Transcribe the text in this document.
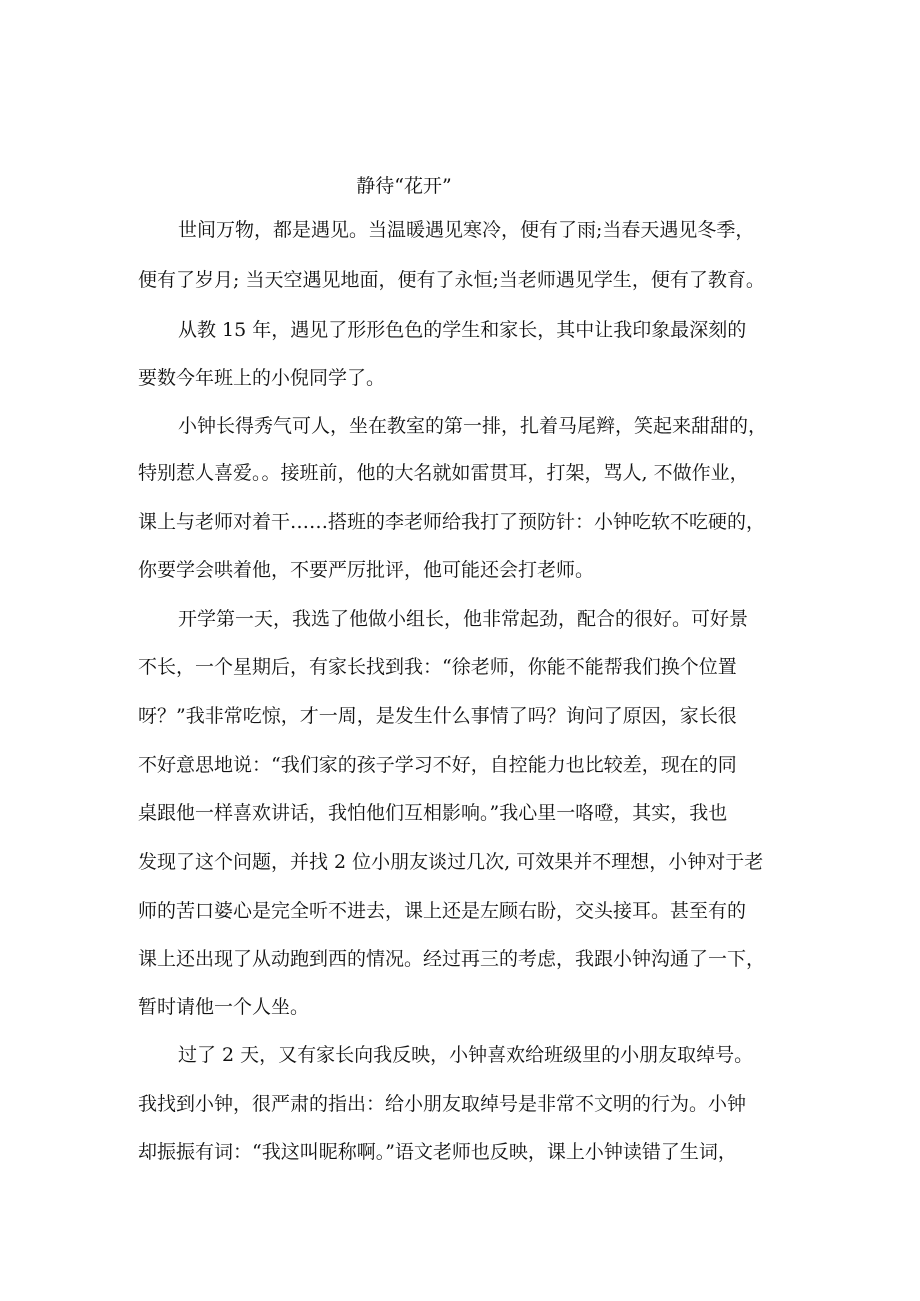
静待“花开”
世间万物，都是遇见。当温暖遇见寒冷，便有了雨;当春天遇见冬季，
便有了岁月; 当天空遇见地面，便有了永恒;当老师遇见学生，便有了教育。
从教 15 年，遇见了形形色色的学生和家长，其中让我印象最深刻的
要数今年班上的小倪同学了。
小钟长得秀气可人，坐在教室的第一排，扎着马尾辫，笑起来甜甜的，
特别惹人喜爱。。接班前，他的大名就如雷贯耳，打架，骂人, 不做作业，
课上与老师对着干……搭班的李老师给我打了预防针：小钟吃软不吃硬的，
你要学会哄着他，不要严厉批评，他可能还会打老师。
开学第一天，我选了他做小组长，他非常起劲，配合的很好。可好景
不长，一个星期后，有家长找到我：“徐老师，你能不能帮我们换个位置
呀？”我非常吃惊，才一周，是发生什么事情了吗？询问了原因，家长很
不好意思地说：“我们家的孩子学习不好，自控能力也比较差，现在的同
桌跟他一样喜欢讲话，我怕他们互相影响。”我心里一咯噔，其实，我也
发现了这个问题，并找 2 位小朋友谈过几次, 可效果并不理想，小钟对于老
师的苦口婆心是完全听不进去，课上还是左顾右盼，交头接耳。甚至有的
课上还出现了从动跑到西的情况。经过再三的考虑，我跟小钟沟通了一下，
暂时请他一个人坐。
过了 2 天，又有家长向我反映，小钟喜欢给班级里的小朋友取绰号。
我找到小钟，很严肃的指出：给小朋友取绰号是非常不文明的行为。小钟
却振振有词：“我这叫昵称啊。”语文老师也反映，课上小钟读错了生词，
